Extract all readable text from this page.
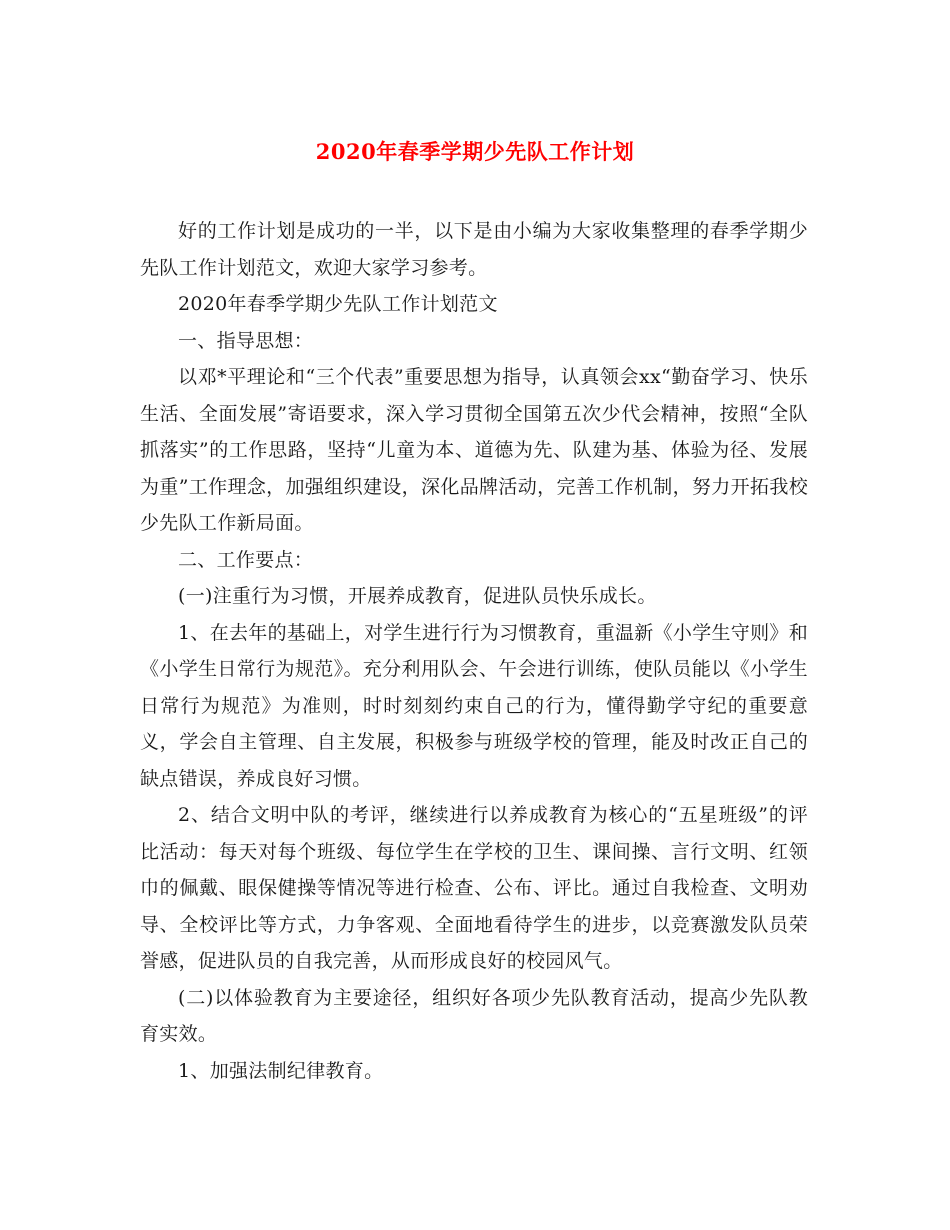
2020年春季学期少先队工作计划

好的工作计划是成功的一半，以下是由小编为大家收集整理的春季学期少先队工作计划范文，欢迎大家学习参考。

2020年春季学期少先队工作计划范文

一、指导思想：

以邓*平理论和“三个代表”重要思想为指导，认真领会xx“勤奋学习、快乐生活、全面发展”寄语要求，深入学习贯彻全国第五次少代会精神，按照“全队抓落实”的工作思路，坚持“儿童为本、道德为先、队建为基、体验为径、发展为重”工作理念，加强组织建设，深化品牌活动，完善工作机制，努力开拓我校少先队工作新局面。

二、工作要点：

(一)注重行为习惯，开展养成教育，促进队员快乐成长。

1、在去年的基础上，对学生进行行为习惯教育，重温新《小学生守则》和《小学生日常行为规范》。充分利用队会、午会进行训练，使队员能以《小学生日常行为规范》为准则，时时刻刻约束自己的行为，懂得勤学守纪的重要意义，学会自主管理、自主发展，积极参与班级学校的管理，能及时改正自己的缺点错误，养成良好习惯。

2、结合文明中队的考评，继续进行以养成教育为核心的“五星班级”的评比活动：每天对每个班级、每位学生在学校的卫生、课间操、言行文明、红领巾的佩戴、眼保健操等情况等进行检查、公布、评比。通过自我检查、文明劝导、全校评比等方式，力争客观、全面地看待学生的进步，以竞赛激发队员荣誉感，促进队员的自我完善，从而形成良好的校园风气。

(二)以体验教育为主要途径，组织好各项少先队教育活动，提高少先队教育实效。

1、加强法制纪律教育。
